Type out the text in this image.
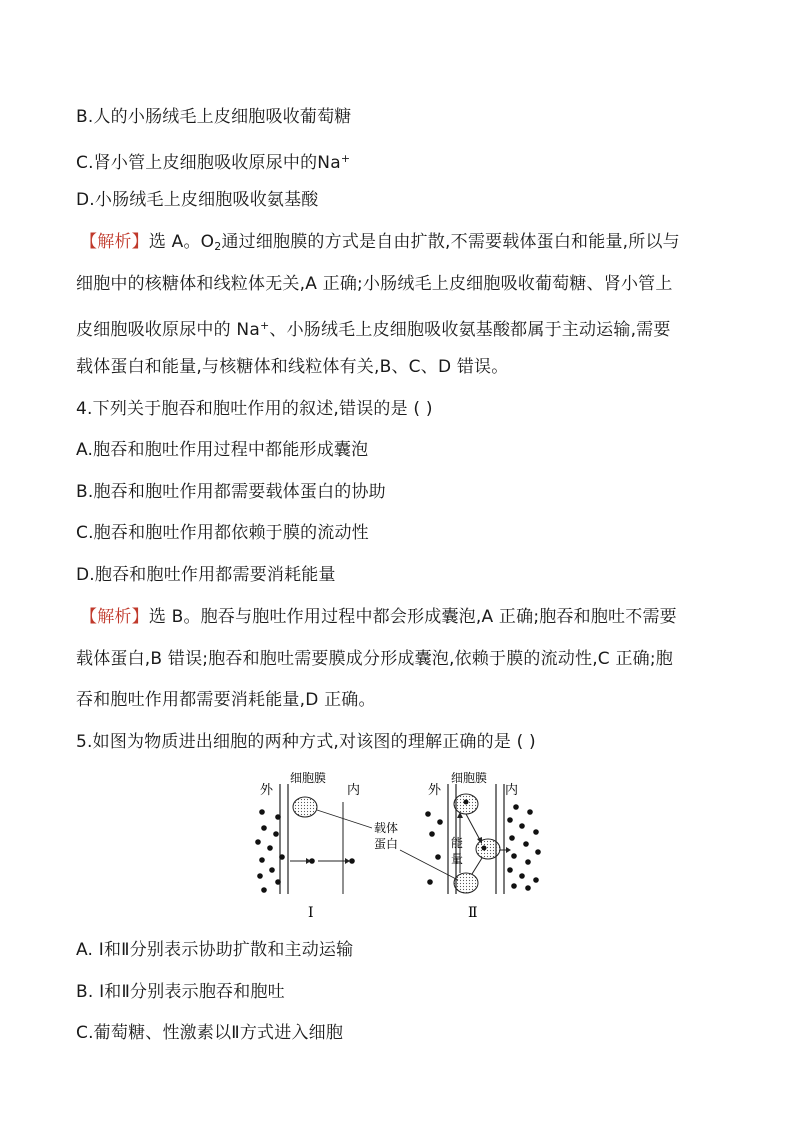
B.人的小肠绒毛上皮细胞吸收葡萄糖
C.肾小管上皮细胞吸收原尿中的Na+
D.小肠绒毛上皮细胞吸收氨基酸
【解析】选 A。$O_2$通过细胞膜的方式是自由扩散,不需要载体蛋白和能量,所以与
细胞中的核糖体和线粒体无关,A 正确;小肠绒毛上皮细胞吸收葡萄糖、肾小管上
皮细胞吸收原尿中的 Na+、小肠绒毛上皮细胞吸收氨基酸都属于主动运输,需要
载体蛋白和能量,与核糖体和线粒体有关,B、C、D 错误。
4.下列关于胞吞和胞吐作用的叙述,错误的是 ( )
A.胞吞和胞吐作用过程中都能形成囊泡
B.胞吞和胞吐作用都需要载体蛋白的协助
C.胞吞和胞吐作用都依赖于膜的流动性
D.胞吞和胞吐作用都需要消耗能量
【解析】选 B。胞吞与胞吐作用过程中都会形成囊泡,A 正确;胞吞和胞吐不需要
载体蛋白,B 错误;胞吞和胞吐需要膜成分形成囊泡,依赖于膜的流动性,C 正确;胞
吞和胞吐作用都需要消耗能量,D 正确。
5.如图为物质进出细胞的两种方式,对该图的理解正确的是 ( )
外
细胞膜
内
Ⅰ
载体
蛋白
外
细胞膜
内
能
量
Ⅱ
A. Ⅰ和Ⅱ分别表示协助扩散和主动运输
B. Ⅰ和Ⅱ分别表示胞吞和胞吐
C.葡萄糖、性激素以Ⅱ方式进入细胞
